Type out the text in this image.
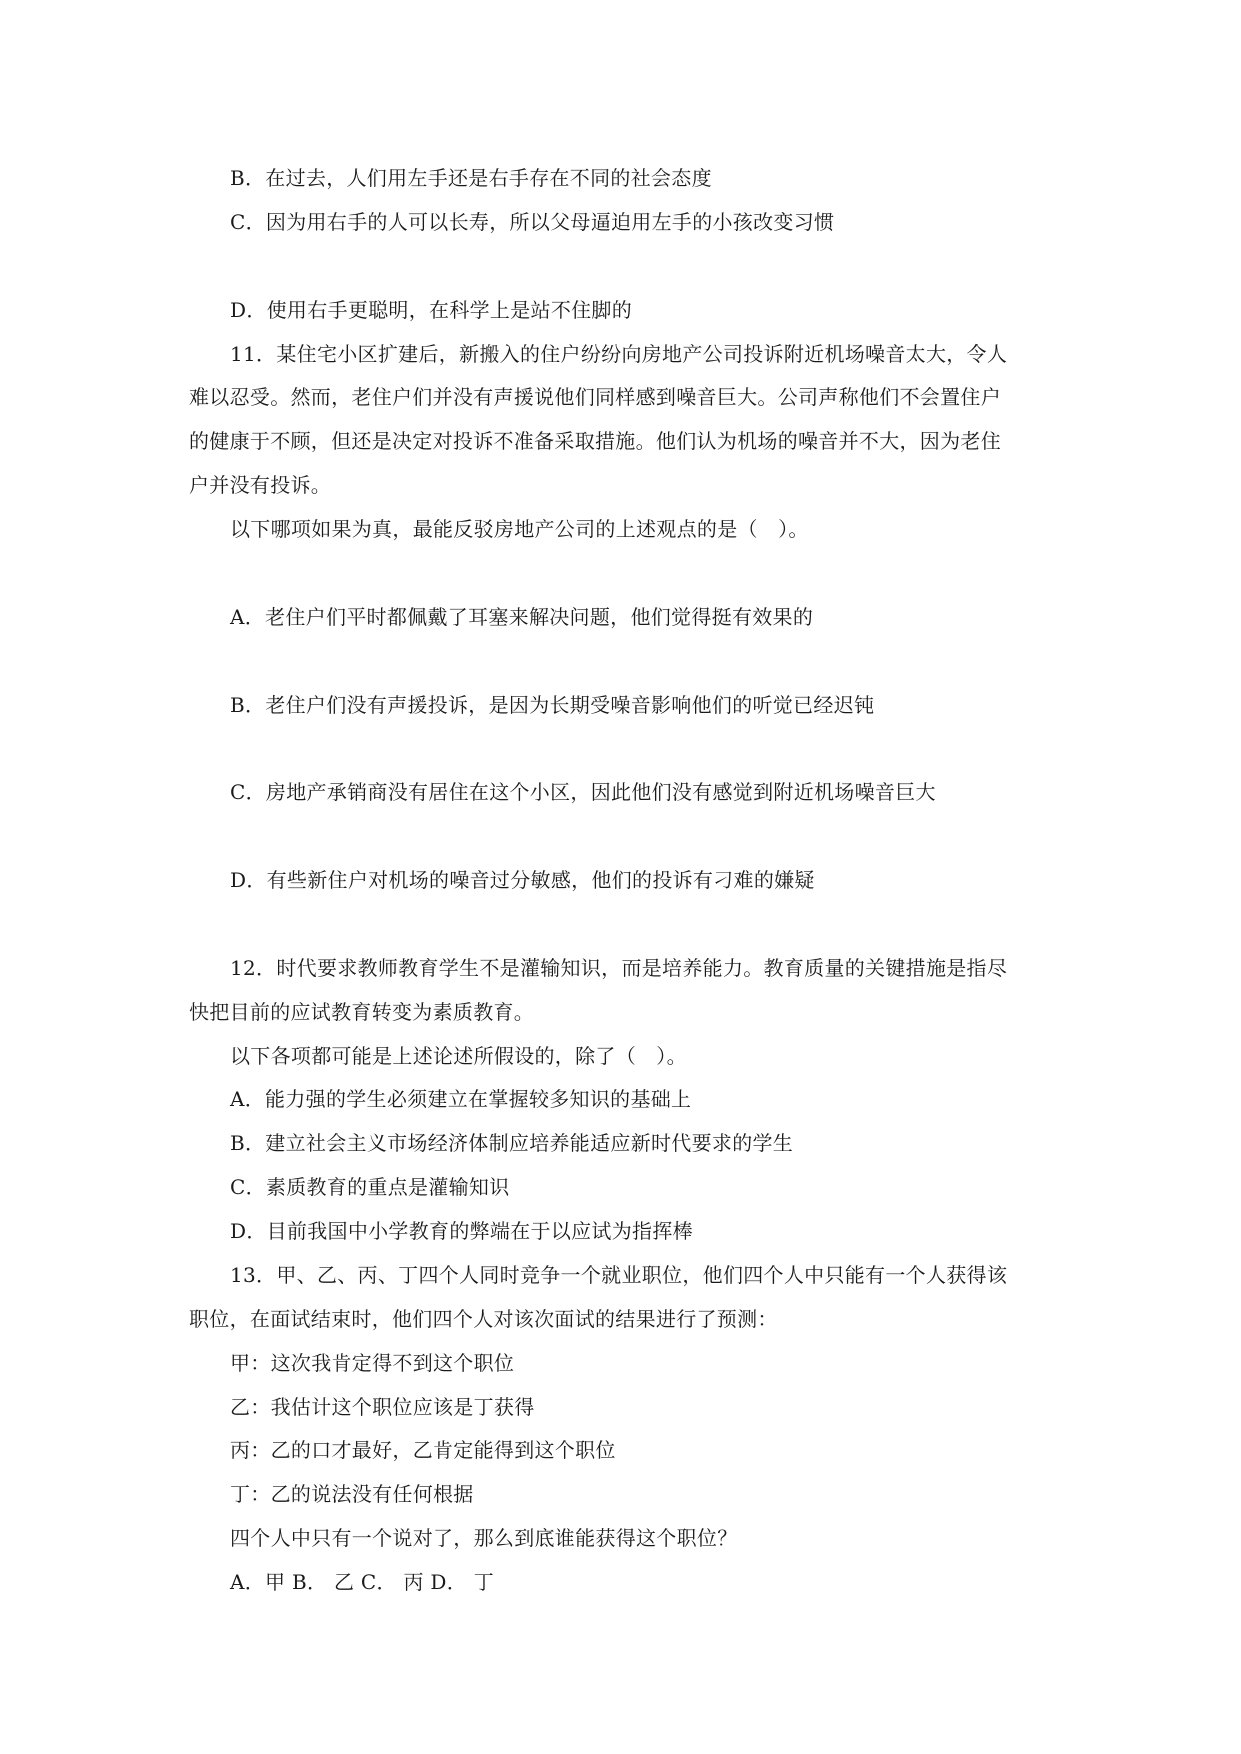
B．在过去，人们用左手还是右手存在不同的社会态度
C．因为用右手的人可以长寿，所以父母逼迫用左手的小孩改变习惯
D．使用右手更聪明，在科学上是站不住脚的
11．某住宅小区扩建后，新搬入的住户纷纷向房地产公司投诉附近机场噪音太大，令人
难以忍受。然而，老住户们并没有声援说他们同样感到噪音巨大。公司声称他们不会置住户
的健康于不顾，但还是决定对投诉不准备采取措施。他们认为机场的噪音并不大，因为老住
户并没有投诉。
以下哪项如果为真，最能反驳房地产公司的上述观点的是（　）。
A．老住户们平时都佩戴了耳塞来解决问题，他们觉得挺有效果的
B．老住户们没有声援投诉，是因为长期受噪音影响他们的听觉已经迟钝
C．房地产承销商没有居住在这个小区，因此他们没有感觉到附近机场噪音巨大
D．有些新住户对机场的噪音过分敏感，他们的投诉有刁难的嫌疑
12．时代要求教师教育学生不是灌输知识，而是培养能力。教育质量的关键措施是指尽
快把目前的应试教育转变为素质教育。
以下各项都可能是上述论述所假设的，除了（　）。
A．能力强的学生必须建立在掌握较多知识的基础上
B．建立社会主义市场经济体制应培养能适应新时代要求的学生
C．素质教育的重点是灌输知识
D．目前我国中小学教育的弊端在于以应试为指挥棒
13．甲、乙、丙、丁四个人同时竞争一个就业职位，他们四个人中只能有一个人获得该
职位，在面试结束时，他们四个人对该次面试的结果进行了预测：
甲：这次我肯定得不到这个职位
乙：我估计这个职位应该是丁获得
丙：乙的口才最好，乙肯定能得到这个职位
丁：乙的说法没有任何根据
四个人中只有一个说对了，那么到底谁能获得这个职位？
A．甲 B． 乙 C． 丙 D． 丁
